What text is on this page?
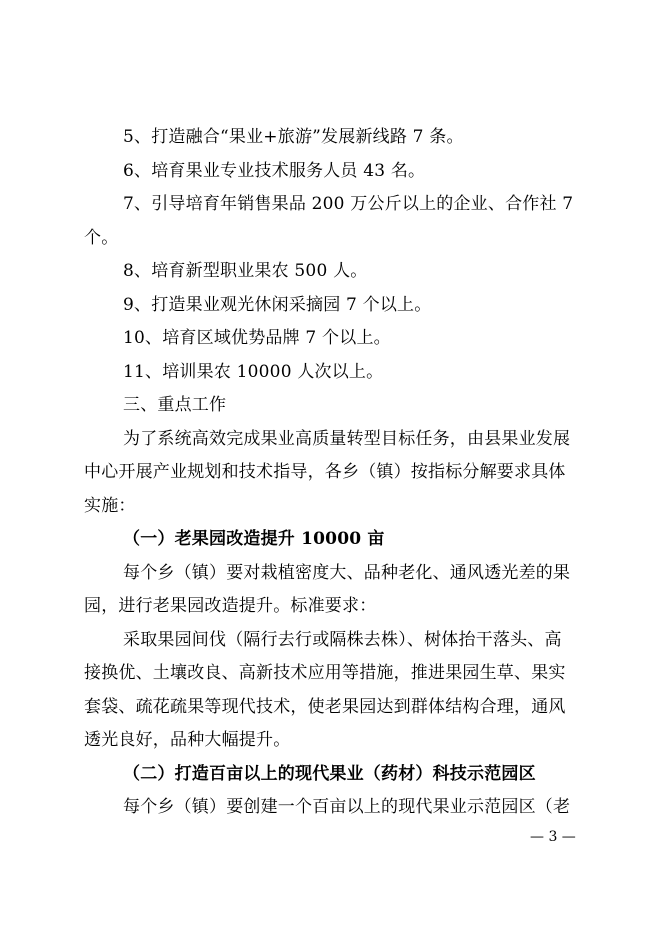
5、打造融合“果业+旅游”发展新线路 7 条。
6、培育果业专业技术服务人员 43 名。
7、引导培育年销售果品 200 万公斤以上的企业、合作社 7
个。
8、培育新型职业果农 500 人。
9、打造果业观光休闲采摘园 7 个以上。
10、培育区域优势品牌 7 个以上。
11、培训果农 10000 人次以上。
三、重点工作
为了系统高效完成果业高质量转型目标任务，由县果业发展
中心开展产业规划和技术指导，各乡（镇）按指标分解要求具体
实施：
（一）老果园改造提升 10000 亩
每个乡（镇）要对栽植密度大、品种老化、通风透光差的果
园，进行老果园改造提升。标准要求：
采取果园间伐（隔行去行或隔株去株）、树体抬干落头、高
接换优、土壤改良、高新技术应用等措施，推进果园生草、果实
套袋、疏花疏果等现代技术，使老果园达到群体结构合理，通风
透光良好，品种大幅提升。
（二）打造百亩以上的现代果业（药材）科技示范园区
每个乡（镇）要创建一个百亩以上的现代果业示范园区（老
— 3 —
